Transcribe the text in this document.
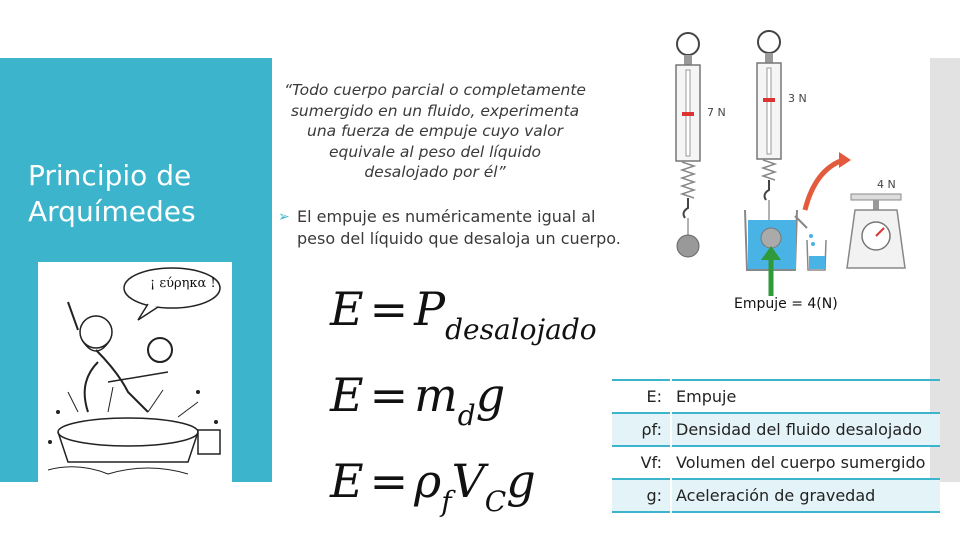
Principio de Arquímedes
¡ εύρηκα !
“Todo cuerpo parcial o completamente
sumergido en un fluido, experimenta
una fuerza de empuje cuyo valor
equivale al peso del líquido
desalojado por él”
➢ El empuje es numéricamente igual al
peso del líquido que desaloja un cuerpo.
7 N
3 N
4 N
Empuje = 4(N)
E = Pdesalojado
E = mdg
E = ρfVCg
E:	Empuje
ρf:	Densidad del fluido desalojado
Vf:	Volumen del cuerpo sumergido
g:	Aceleración de gravedad
